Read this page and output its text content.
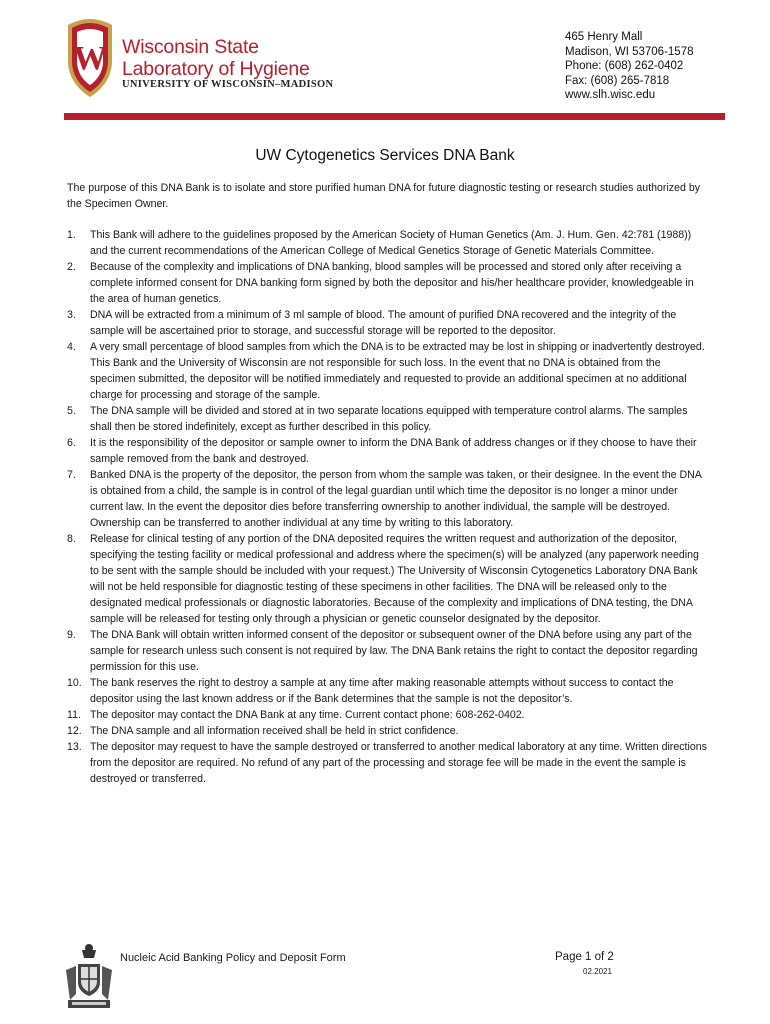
W Wisconsin State
Laboratory of Hygiene
UNIVERSITY OF WISCONSIN–MADISON
465 Henry Mall
Madison, WI 53706-1578
Phone: (608) 262-0402
Fax: (608) 265-7818
www.slh.wisc.edu
UW Cytogenetics Services DNA Bank
The purpose of this DNA Bank is to isolate and store purified human DNA for future diagnostic testing or research studies authorized by the Specimen Owner.
1.	This Bank will adhere to the guidelines proposed by the American Society of Human Genetics (Am. J. Hum. Gen. 42:781 (1988)) and the current recommendations of the American College of Medical Genetics Storage of Genetic Materials Committee.
2.	Because of the complexity and implications of DNA banking, blood samples will be processed and stored only after receiving a complete informed consent for DNA banking form signed by both the depositor and his/her healthcare provider, knowledgeable in the area of human genetics.
3.	DNA will be extracted from a minimum of 3 ml sample of blood. The amount of purified DNA recovered and the integrity of the sample will be ascertained prior to storage, and successful storage will be reported to the depositor.
4.	A very small percentage of blood samples from which the DNA is to be extracted may be lost in shipping or inadvertently destroyed. This Bank and the University of Wisconsin are not responsible for such loss. In the event that no DNA is obtained from the specimen submitted, the depositor will be notified immediately and requested to provide an additional specimen at no additional charge for processing and storage of the sample.
5.	The DNA sample will be divided and stored at in two separate locations equipped with temperature control alarms. The samples shall then be stored indefinitely, except as further described in this policy.
6.	It is the responsibility of the depositor or sample owner to inform the DNA Bank of address changes or if they choose to have their sample removed from the bank and destroyed.
7.	Banked DNA is the property of the depositor, the person from whom the sample was taken, or their designee. In the event the DNA is obtained from a child, the sample is in control of the legal guardian until which time the depositor is no longer a minor under current law. In the event the depositor dies before transferring ownership to another individual, the sample will be destroyed. Ownership can be transferred to another individual at any time by writing to this laboratory.
8.	Release for clinical testing of any portion of the DNA deposited requires the written request and authorization of the depositor, specifying the testing facility or medical professional and address where the specimen(s) will be analyzed (any paperwork needing to be sent with the sample should be included with your request.) The University of Wisconsin Cytogenetics Laboratory DNA Bank will not be held responsible for diagnostic testing of these specimens in other facilities. The DNA will be released only to the designated medical professionals or diagnostic laboratories. Because of the complexity and implications of DNA testing, the DNA sample will be released for testing only through a physician or genetic counselor designated by the depositor.
9.	The DNA Bank will obtain written informed consent of the depositor or subsequent owner of the DNA before using any part of the sample for research unless such consent is not required by law. The DNA Bank retains the right to contact the depositor regarding permission for this use.
10. The bank reserves the right to destroy a sample at any time after making reasonable attempts without success to contact the depositor using the last known address or if the Bank determines that the sample is not the depositor’s.
11. The depositor may contact the DNA Bank at any time. Current contact phone: 608-262-0402.
12. The DNA sample and all information received shall be held in strict confidence.
13. The depositor may request to have the sample destroyed or transferred to another medical laboratory at any time. Written directions from the depositor are required. No refund of any part of the processing and storage fee will be made in the event the sample is destroyed or transferred.
Nucleic Acid Banking Policy and Deposit Form	Page 1 of 2
02.2021
